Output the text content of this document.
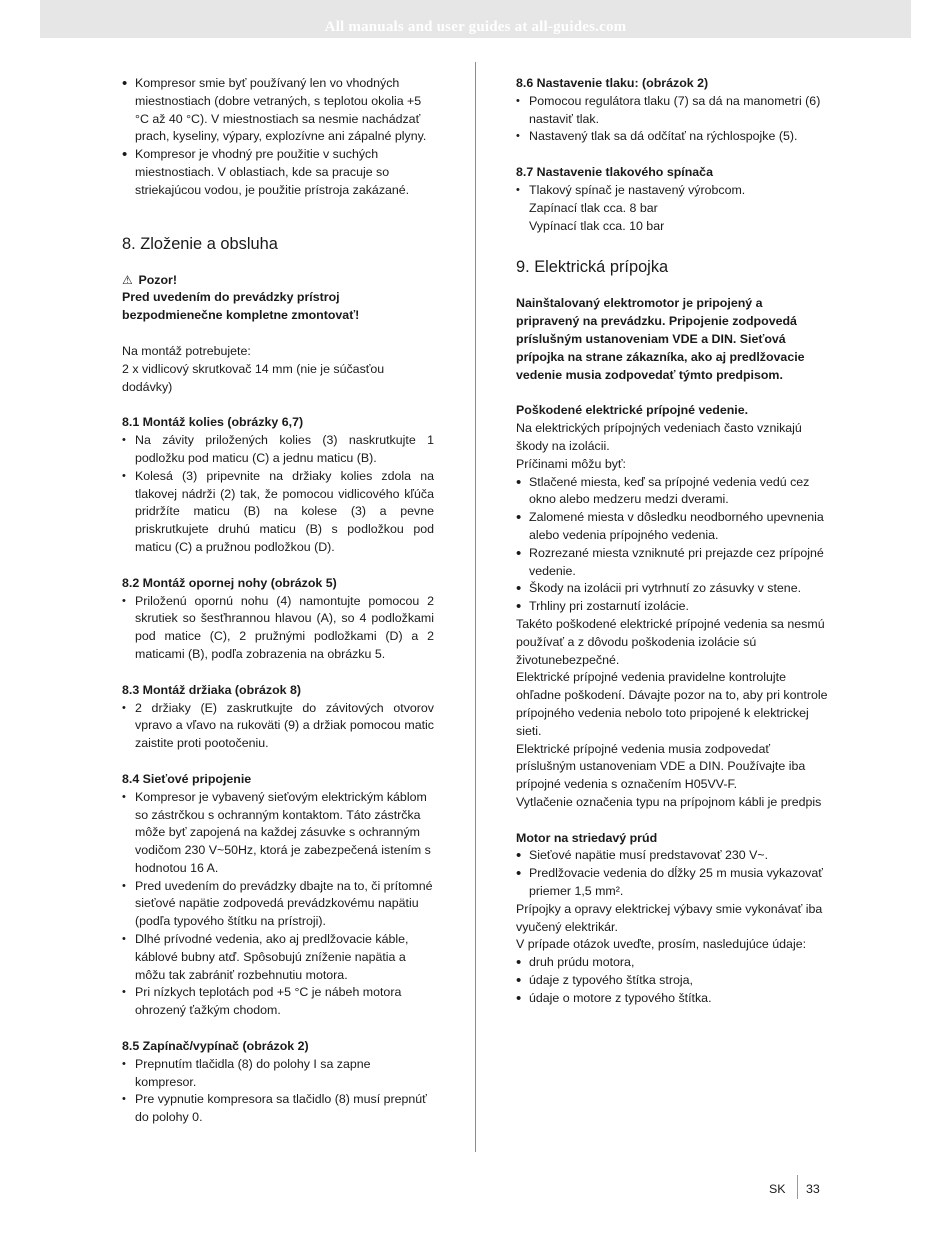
All manuals and user guides at all-guides.com
• Kompresor smie byť používaný len vo vhodných miestnostiach (dobre vetraných, s teplotou okolia +5 °C až 40 °C). V miestnostiach sa nesmie nachádzať prach, kyseliny, výpary, explozívne ani zápalné plyny.
• Kompresor je vhodný pre použitie v suchých miestnostiach. V oblastiach, kde sa pracuje so striekajúcou vodou, je použitie prístroja zakázané.
8. Zloženie a obsluha

⚠ Pozor!

Pred uvedením do prevádzky prístroj bezpodmienečne kompletne zmontovať!

Na montáž potrebujete:

2 x vidlicový skrutkovač 14 mm (nie je súčasťou dodávky)

8.1 Montáž kolies (obrázky 6,7)
• Na závity priložených kolies (3) naskrutkujte 1 podložku pod maticu (C) a jednu maticu (B).
• Kolesá (3) pripevnite na držiaky kolies zdola na tlakovej nádrži (2) tak, že pomocou vidlicového kľúča pridržíte maticu (B) na kolese (3) a pevne priskrutkujete druhú maticu (B) s podložkou pod maticu (C) a pružnou podložkou (D).
8.2 Montáž opornej nohy (obrázok 5)
• Priloženú opornú nohu (4) namontujte pomocou 2 skrutiek so šesťhrannou hlavou (A), so 4 podložkami pod matice (C), 2 pružnými podložkami (D) a 2 maticami (B), podľa zobrazenia na obrázku 5.
8.3 Montáž držiaka (obrázok 8)
• 2 držiaky (E) zaskrutkujte do závitových otvorov vpravo a vľavo na rukoväti (9) a držiak pomocou matic zaistite proti pootočeniu.
8.4 Sieťové pripojenie
• Kompresor je vybavený sieťovým elektrickým káblom so zástrčkou s ochranným kontaktom. Táto zástrčka môže byť zapojená na každej zásuvke s ochranným vodičom 230 V~50Hz, ktorá je zabezpečená istením s hodnotou 16 A.
• Pred uvedením do prevádzky dbajte na to, či prítomné sieťové napätie zodpovedá prevádzkovému napätiu (podľa typového štítku na prístroji).
• Dlhé prívodné vedenia, ako aj predlžovacie káble, káblové bubny atď. Spôsobujú zníženie napätia a môžu tak zabrániť rozbehnutiu motora.
• Pri nízkych teplotách pod +5 °C je nábeh motora ohrozený ťažkým chodom.
8.5 Zapínač/vypínač (obrázok 2)
• Prepnutím tlačidla (8) do polohy I sa zapne kompresor.
• Pre vypnutie kompresora sa tlačidlo (8) musí prepnúť do polohy 0.
8.6 Nastavenie tlaku: (obrázok 2)
• Pomocou regulátora tlaku (7) sa dá na manometri (6) nastaviť tlak.
• Nastavený tlak sa dá odčítať na rýchlospojke (5).
8.7 Nastavenie tlakového spínača
• Tlakový spínač je nastavený výrobcom.
Zapínací tlak cca. 8 bar
Vypínací tlak cca. 10 bar
9. Elektrická prípojka

Nainštalovaný elektromotor je pripojený a pripravený na prevádzku. Pripojenie zodpovedá príslušným ustanoveniam VDE a DIN. Sieťová prípojka na strane zákazníka, ako aj predlžovacie vedenie musia zodpovedať týmto predpisom.

Poškodené elektrické prípojné vedenie.

Na elektrických prípojných vedeniach často vznikajú škody na izolácii.

Príčinami môžu byť:

• Stlačené miesta, keď sa prípojné vedenia vedú cez okno alebo medzeru medzi dverami.
• Zalomené miesta v dôsledku neodborného upevnenia alebo vedenia prípojného vedenia.
• Rozrezané miesta vzniknuté pri prejazde cez prípojné vedenie.
• Škody na izolácii pri vytrhnutí zo zásuvky v stene.
• Trhliny pri zostarnutí izolácie.

Takéto poškodené elektrické prípojné vedenia sa nesmú používať a z dôvodu poškodenia izolácie sú životunebezpečné.

Elektrické prípojné vedenia pravidelne kontrolujte ohľadne poškodení. Dávajte pozor na to, aby pri kontrole prípojného vedenia nebolo toto pripojené k elektrickej sieti.

Elektrické prípojné vedenia musia zodpovedať príslušným ustanoveniam VDE a DIN. Používajte iba prípojné vedenia s označením H05VV-F.

Vytlačenie označenia typu na prípojnom kábli je predpis

Motor na striedavý prúd
• Sieťové napätie musí predstavovať 230 V~.
• Predlžovacie vedenia do dĺžky 25 m musia vykazovať priemer 1,5 mm².

Prípojky a opravy elektrickej výbavy smie vykonávať iba vyučený elektrikár.

V prípade otázok uveďte, prosím, nasledujúce údaje:

• druh prúdu motora,
• údaje z typového štítka stroja,
• údaje o motore z typového štítka.
SK 33
